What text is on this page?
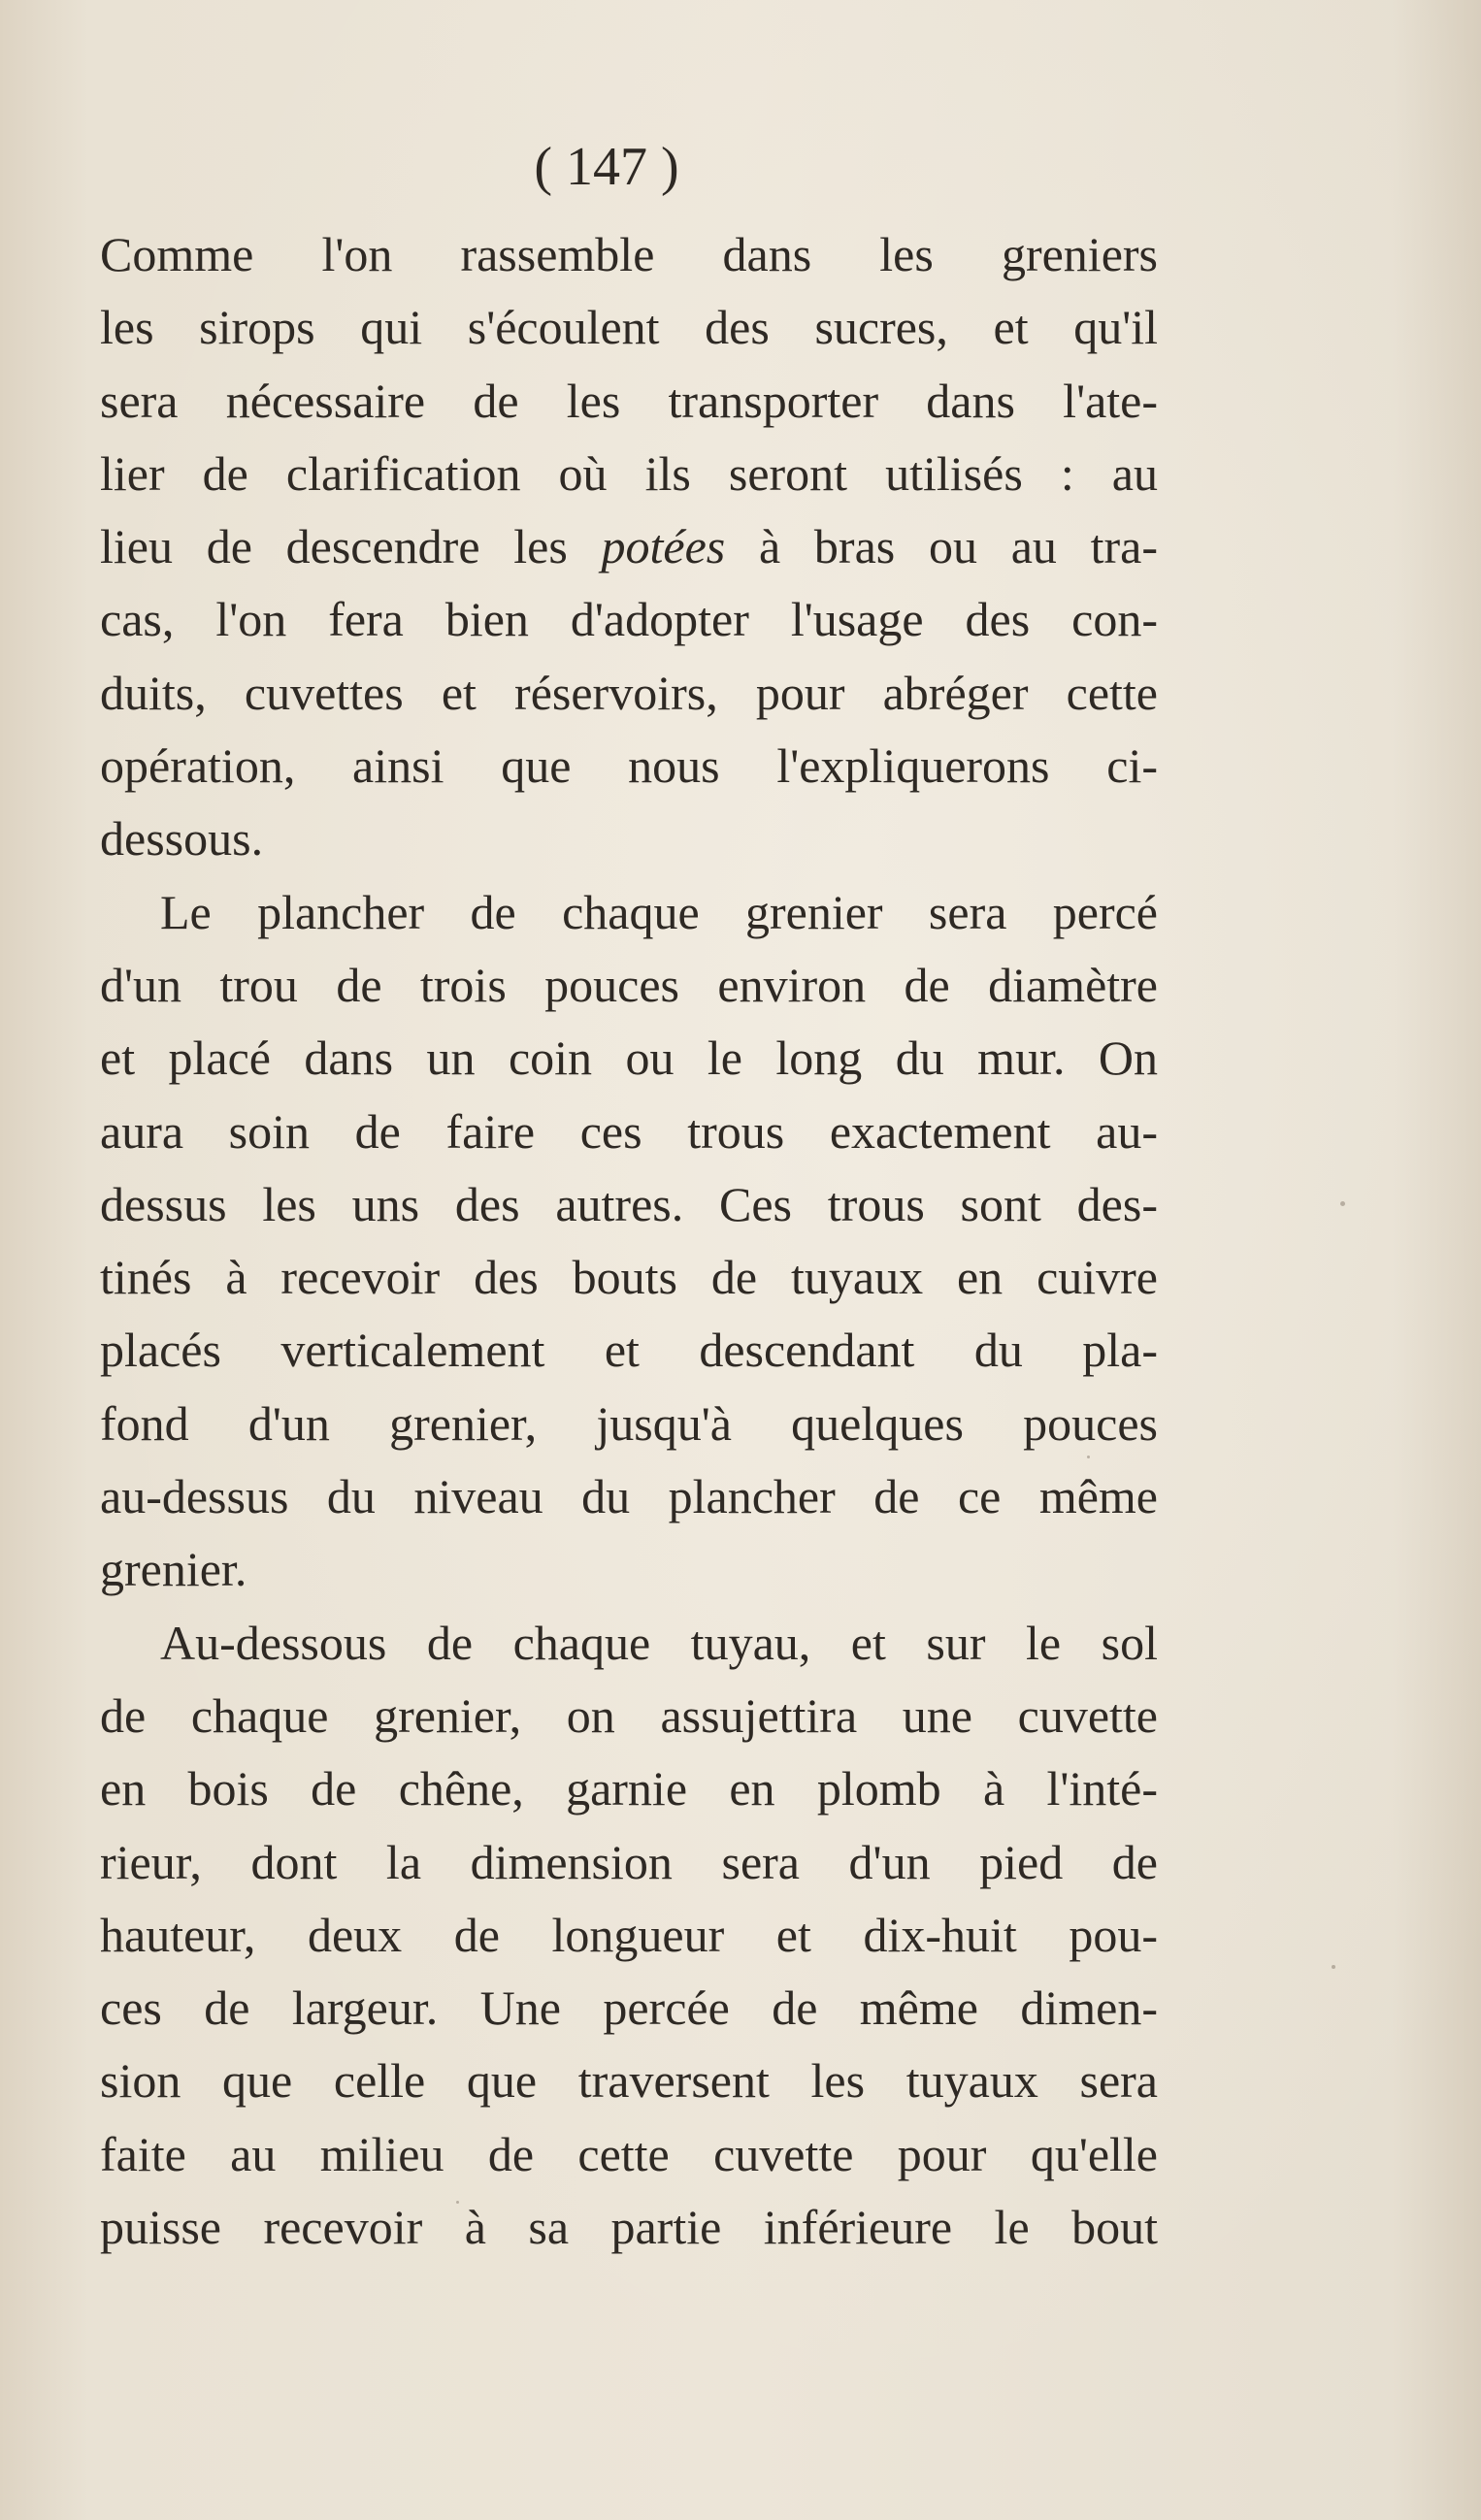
( 147 )
Comme l'on rassemble dans les greniers
les sirops qui s'écoulent des sucres, et qu'il
sera nécessaire de les transporter dans l'ate-
lier de clarification où ils seront utilisés : au
lieu de descendre les potées à bras ou au tra-
cas, l'on fera bien d'adopter l'usage des con-
duits, cuvettes et réservoirs, pour abréger cette
opération, ainsi que nous l'expliquerons ci-
dessous.
Le plancher de chaque grenier sera percé
d'un trou de trois pouces environ de diamètre
et placé dans un coin ou le long du mur. On
aura soin de faire ces trous exactement au-
dessus les uns des autres. Ces trous sont des-
tinés à recevoir des bouts de tuyaux en cuivre
placés verticalement et descendant du pla-
fond d'un grenier, jusqu'à quelques pouces
au-dessus du niveau du plancher de ce même
grenier.
Au-dessous de chaque tuyau, et sur le sol
de chaque grenier, on assujettira une cuvette
en bois de chêne, garnie en plomb à l'inté-
rieur, dont la dimension sera d'un pied de
hauteur, deux de longueur et dix-huit pou-
ces de largeur. Une percée de même dimen-
sion que celle que traversent les tuyaux sera
faite au milieu de cette cuvette pour qu'elle
puisse recevoir à sa partie inférieure le bout
